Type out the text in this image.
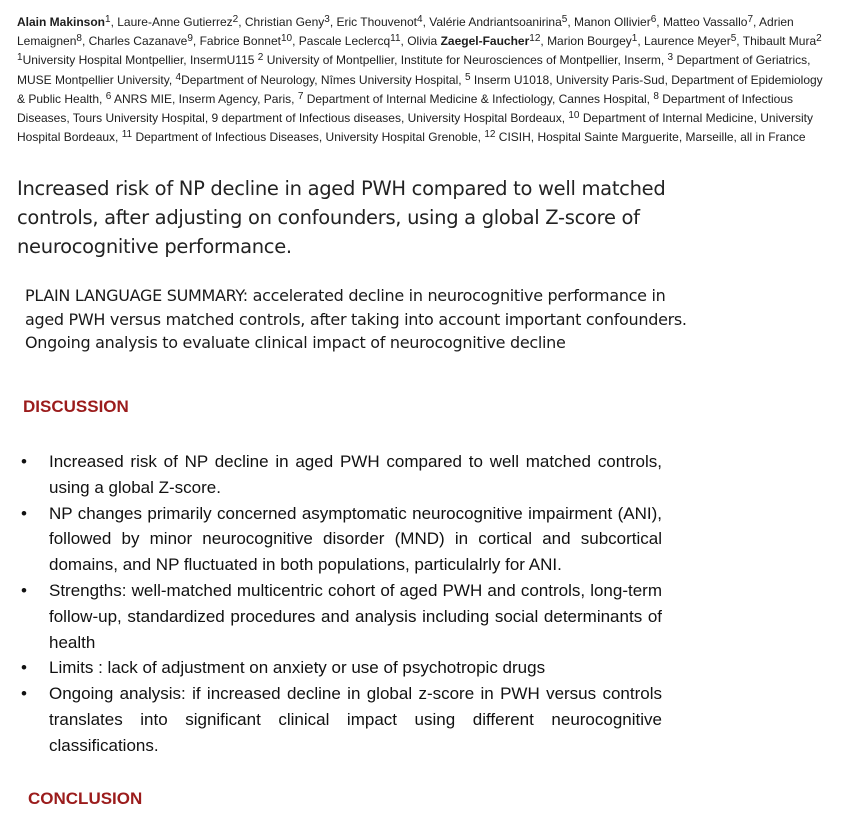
Alain Makinson$^1$, Laure-Anne Gutierrez$^2$, Christian Geny$^3$, Eric Thouvenot$^4$, Valérie Andriantsoanirina$^5$, Manon Ollivier$^6$, Matteo Vassallo$^7$, Adrien Lemaignen$^8$, Charles Cazanave$^9$, Fabrice Bonnet$^{10}$, Pascale Leclercq$^{11}$, Olivia Zaegel-Faucher$^{12}$, Marion Bourgey$^1$, Laurence Meyer$^5$, Thibault Mura$^2$ $^1$University Hospital Montpellier, InsermU115 $^2$ University of Montpellier, Institute for Neurosciences of Montpellier, Inserm, $^3$ Department of Geriatrics, MUSE Montpellier University, $^4$Department of Neurology, Nîmes University Hospital, $^5$ Inserm U1018, University Paris-Sud, Department of Epidemiology & Public Health, $^6$ ANRS MIE, Inserm Agency, Paris, $^7$ Department of Internal Medicine & Infectiology, Cannes Hospital, $^8$ Department of Infectious Diseases, Tours University Hospital, 9 department of Infectious diseases, University Hospital Bordeaux, $^{10}$ Department of Internal Medicine, University Hospital Bordeaux, $^{11}$ Department of Infectious Diseases, University Hospital Grenoble, $^{12}$ CISIH, Hospital Sainte Marguerite, Marseille, all in France
Increased risk of NP decline in aged PWH compared to well matched controls, after adjusting on confounders, using a global Z-score of neurocognitive performance.
PLAIN LANGUAGE SUMMARY: accelerated decline in neurocognitive performance in aged PWH versus matched controls, after taking into account important confounders. Ongoing analysis to evaluate clinical impact of neurocognitive decline
DISCUSSION
• Increased risk of NP decline in aged PWH compared to well matched controls, using a global Z-score.
• NP changes primarily concerned asymptomatic neurocognitive impairment (ANI), followed by minor neurocognitive disorder (MND) in cortical and subcortical domains, and NP fluctuated in both populations, particulalrly for ANI.
• Strengths: well-matched multicentric cohort of aged PWH and controls, long-term follow-up, standardized procedures and analysis including social determinants of health
• Limits : lack of adjustment on anxiety or use of psychotropic drugs
• Ongoing analysis: if increased decline in global z-score in PWH versus controls translates into significant clinical impact using different neurocognitive classifications.
CONCLUSION
